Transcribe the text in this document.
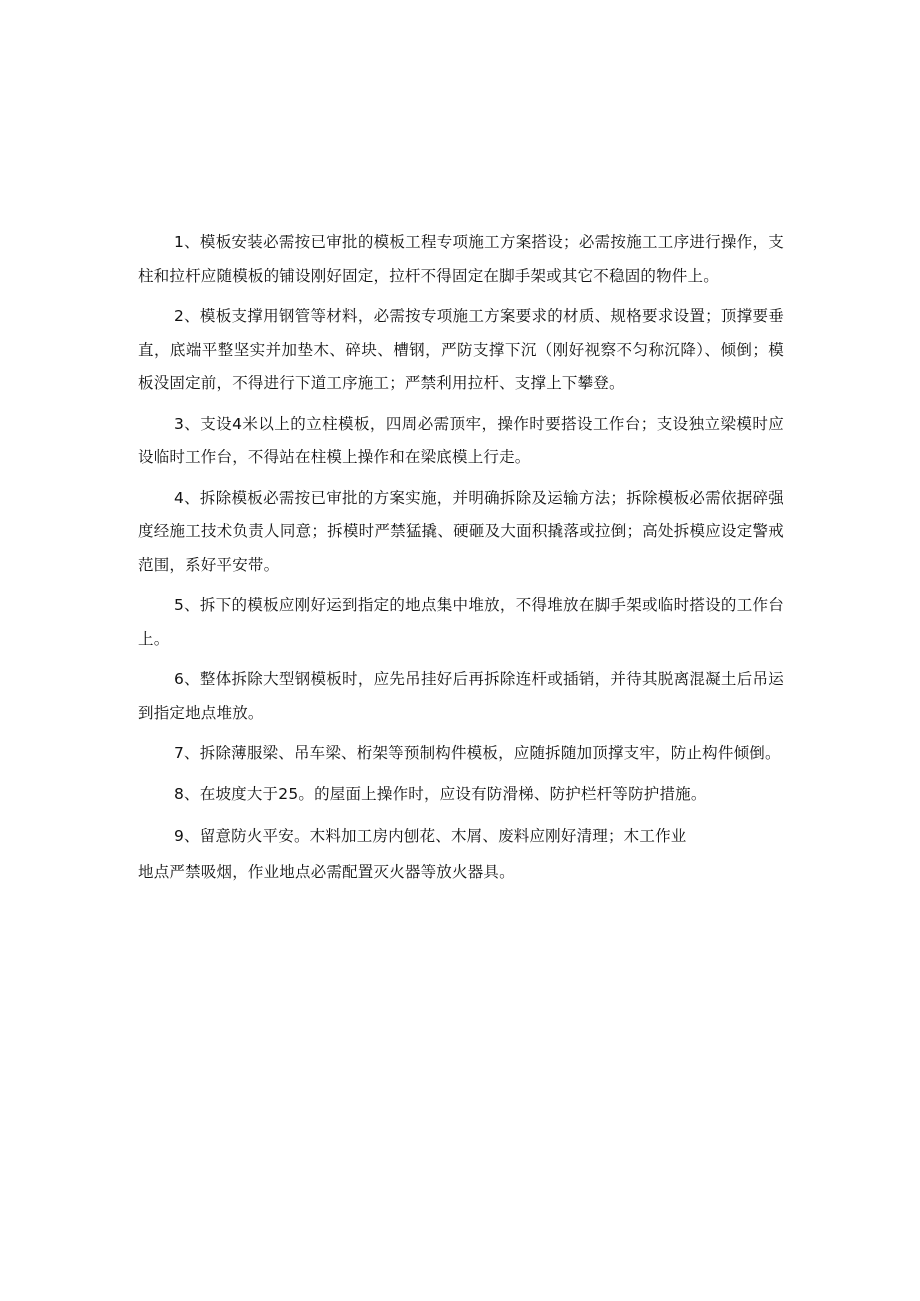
1、模板安装必需按已审批的模板工程专项施工方案搭设；必需按施工工序进行操作，支柱和拉杆应随模板的铺设刚好固定，拉杆不得固定在脚手架或其它不稳固的物件上。

2、模板支撑用钢管等材料，必需按专项施工方案要求的材质、规格要求设置；顶撑要垂直，底端平整坚实并加垫木、碎块、槽钢，严防支撑下沉（刚好视察不匀称沉降）、倾倒；模板没固定前，不得进行下道工序施工；严禁利用拉杆、支撑上下攀登。

3、支设4米以上的立柱模板，四周必需顶牢，操作时要搭设工作台；支设独立梁模时应设临时工作台，不得站在柱模上操作和在梁底模上行走。

4、拆除模板必需按已审批的方案实施，并明确拆除及运输方法；拆除模板必需依据碎强度经施工技术负责人同意；拆模时严禁猛撬、硬砸及大面积撬落或拉倒；高处拆模应设定警戒范围，系好平安带。

5、拆下的模板应刚好运到指定的地点集中堆放，不得堆放在脚手架或临时搭设的工作台上。

6、整体拆除大型钢模板时，应先吊挂好后再拆除连杆或插销，并待其脱离混凝土后吊运到指定地点堆放。

7、拆除薄服梁、吊车梁、桁架等预制构件模板，应随拆随加顶撑支牢，防止构件倾倒。

8、在坡度大于25。的屋面上操作时，应设有防滑梯、防护栏杆等防护措施。

9、留意防火平安。木料加工房内刨花、木屑、废料应刚好清理；木工作业
地点严禁吸烟，作业地点必需配置灭火器等放火器具。
